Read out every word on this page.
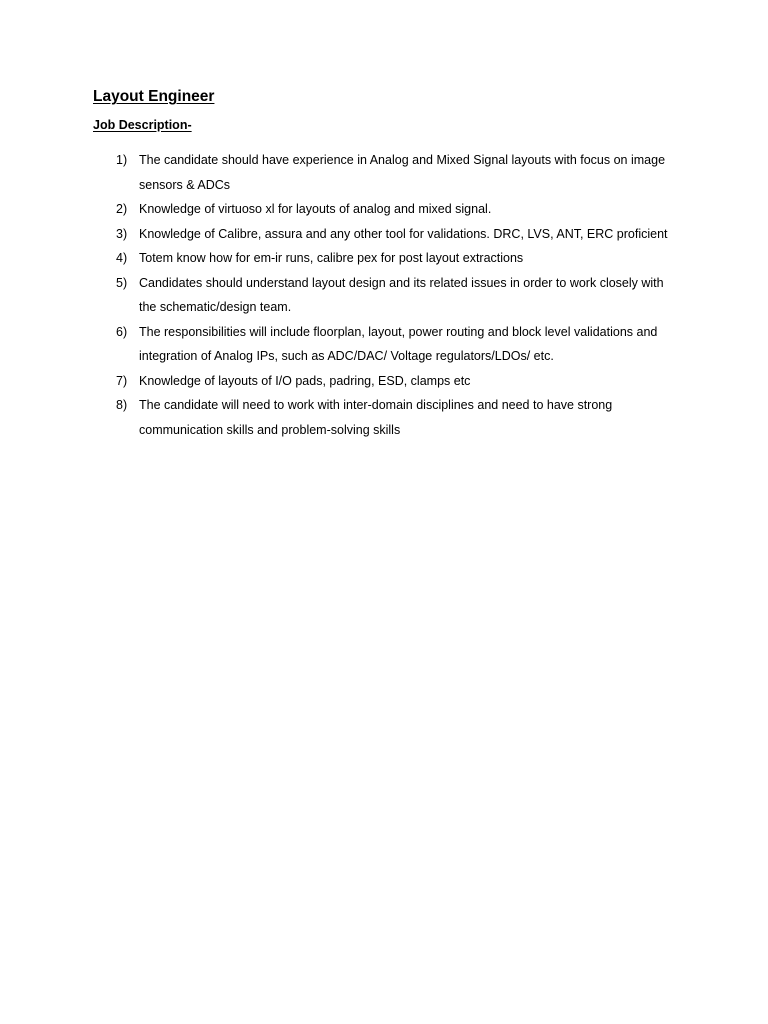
Layout Engineer
Job Description-
1) The candidate should have experience in Analog and Mixed Signal layouts with focus on image sensors & ADCs
2) Knowledge of virtuoso xl for layouts of analog and mixed signal.
3) Knowledge of Calibre, assura and any other tool for validations. DRC, LVS, ANT, ERC proficient
4) Totem know how for em-ir runs, calibre pex for post layout extractions
5) Candidates should understand layout design and its related issues in order to work closely with the schematic/design team.
6) The responsibilities will include floorplan, layout, power routing and block level validations and integration of Analog IPs, such as ADC/DAC/ Voltage regulators/LDOs/ etc.
7) Knowledge of layouts of I/O pads, padring, ESD, clamps etc
8) The candidate will need to work with inter-domain disciplines and need to have strong communication skills and problem-solving skills
